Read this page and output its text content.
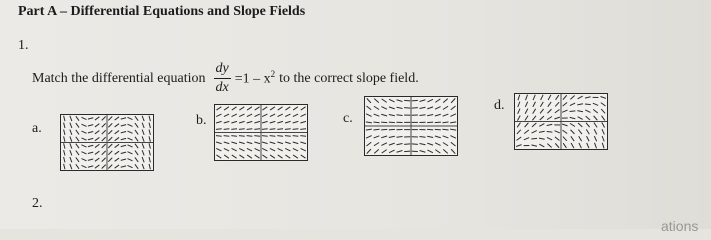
Part A – Differential Equations and Slope Fields
1.
Match the differential equation $\frac{dy}{dx} =1 - x^2$ to the correct slope field.
a.
b.	c.
d.
2.
ations
